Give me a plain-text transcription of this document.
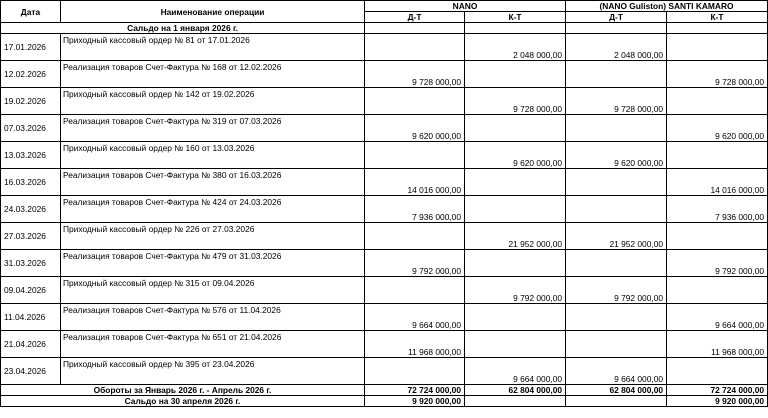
Дата	Наименование операции	NANO		(NANO Guliston) SANTI KAMARO	
		Д-Т	К-Т	Д-Т	К-Т
Сальдо на 1 января 2026 г.					
17.01.2026	Приходный кассовый ордер № 81 от 17.01.2026		2 048 000,00	2 048 000,00	
12.02.2026	Реализация товаров Счет-Фактура № 168 от 12.02.2026	9 728 000,00			9 728 000,00
19.02.2026	Приходный кассовый ордер № 142 от 19.02.2026		9 728 000,00	9 728 000,00	
07.03.2026	Реализация товаров Счет-Фактура № 319 от 07.03.2026	9 620 000,00			9 620 000,00
13.03.2026	Приходный кассовый ордер № 160 от 13.03.2026		9 620 000,00	9 620 000,00	
16.03.2026	Реализация товаров Счет-Фактура № 380 от 16.03.2026	14 016 000,00			14 016 000,00
24.03.2026	Реализация товаров Счет-Фактура № 424 от 24.03.2026	7 936 000,00			7 936 000,00
27.03.2026	Приходный кассовый ордер № 226 от 27.03.2026		21 952 000,00	21 952 000,00	
31.03.2026	Реализация товаров Счет-Фактура № 479 от 31.03.2026	9 792 000,00			9 792 000,00
09.04.2026	Приходный кассовый ордер № 315 от 09.04.2026		9 792 000,00	9 792 000,00	
11.04.2026	Реализация товаров Счет-Фактура № 576 от 11.04.2026	9 664 000,00			9 664 000,00
21.04.2026	Реализация товаров Счет-Фактура № 651 от 21.04.2026	11 968 000,00			11 968 000,00
23.04.2026	Приходный кассовый ордер № 395 от 23.04.2026		9 664 000,00	9 664 000,00	
Обороты за Январь 2026 г. - Апрель 2026 г.		72 724 000,00	62 804 000,00	62 804 000,00	72 724 000,00
Сальдо на 30 апреля 2026 г.		9 920 000,00			9 920 000,00
